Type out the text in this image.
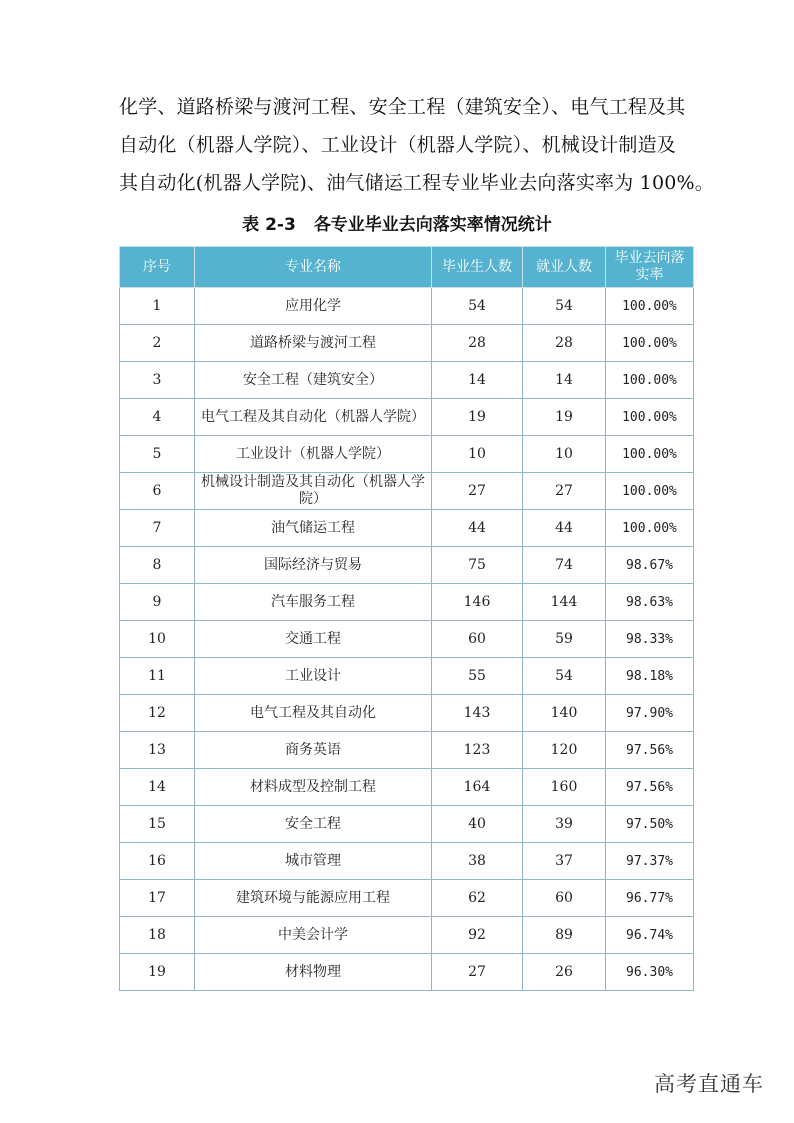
化学、道路桥梁与渡河工程、安全工程（建筑安全）、电气工程及其
自动化（机器人学院）、工业设计（机器人学院）、机械设计制造及
其自动化(机器人学院)、油气储运工程专业毕业去向落实率为 100%。
表 2-3 各专业毕业去向落实率情况统计
序号	专业名称	毕业生人数	就业人数	毕业去向落实率
1	应用化学	54	54	100.00%
2	道路桥梁与渡河工程	28	28	100.00%
3	安全工程（建筑安全）	14	14	100.00%
4	电气工程及其自动化（机器人学院）	19	19	100.00%
5	工业设计（机器人学院）	10	10	100.00%
6	机械设计制造及其自动化（机器人学院）	27	27	100.00%
7	油气储运工程	44	44	100.00%
8	国际经济与贸易	75	74	98.67%
9	汽车服务工程	146	144	98.63%
10	交通工程	60	59	98.33%
11	工业设计	55	54	98.18%
12	电气工程及其自动化	143	140	97.90%
13	商务英语	123	120	97.56%
14	材料成型及控制工程	164	160	97.56%
15	安全工程	40	39	97.50%
16	城市管理	38	37	97.37%
17	建筑环境与能源应用工程	62	60	96.77%
18	中美会计学	92	89	96.74%
19	材料物理	27	26	96.30%
高考直通车
